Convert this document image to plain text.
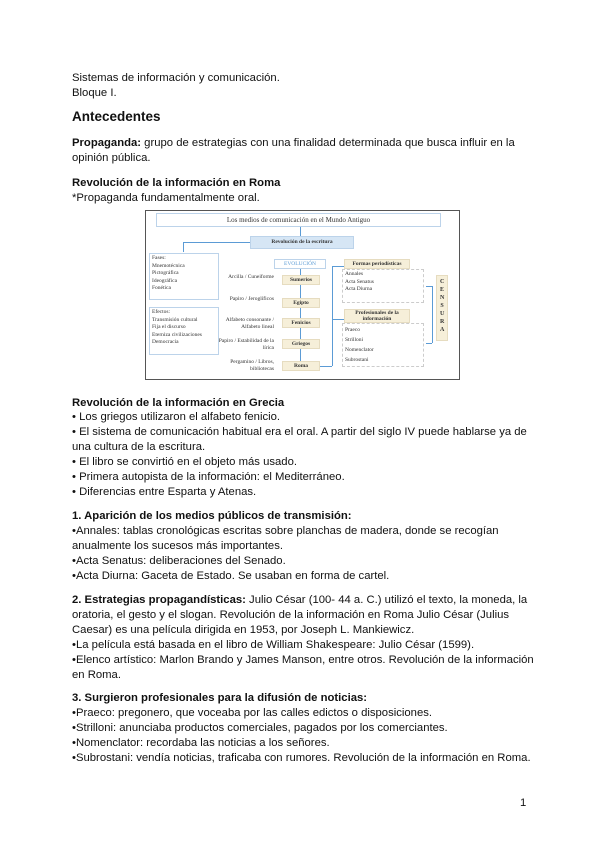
Sistemas de información y comunicación.
Bloque I.
Antecedentes
Propaganda: grupo de estrategias con una finalidad determinada que busca influir en la
opinión pública.
Revolución de la información en Roma
*Propaganda fundamentalmente oral.
Los medios de comunicación en el Mundo Antiguo
Revolución de la escritura
Fases:
Mnemotécnica
Pictográfica
Ideográfica
Fonética
Efectos:
Transmisión cultural
Fija el discurso
Eterniza civilizaciones
Democracia
EVOLUCIÓN
Sumerios
Egipto
Fenicios
Griegos
Roma
Arcilla / Cuneiforme
Papiro / Jeroglíficos
Alfabeto consonante / Alfabeto lineal
Papiro / Estabilidad de la lírica
Pergamino / Libros, bibliotecas
Formas periodísticas
Annales
Acta Senatus
Acta Diurna
Profesionales de la información
Praeco
Strilloni
Nomenclator
Subrostani
CENSURA
Revolución de la información en Grecia
• Los griegos utilizaron el alfabeto fenicio.
• El sistema de comunicación habitual era el oral. A partir del siglo IV puede hablarse ya de
una cultura de la escritura.
• El libro se convirtió en el objeto más usado.
• Primera autopista de la información: el Mediterráneo.
• Diferencias entre Esparta y Atenas.
1. Aparición de los medios públicos de transmisión:
•Annales: tablas cronológicas escritas sobre planchas de madera, donde se recogían
anualmente los sucesos más importantes.
•Acta Senatus: deliberaciones del Senado.
•Acta Diurna: Gaceta de Estado. Se usaban en forma de cartel.
2. Estrategias propagandísticas: Julio César (100- 44 a. C.) utilizó el texto, la moneda, la
oratoria, el gesto y el slogan. Revolución de la información en Roma Julio César (Julius
Caesar) es una película dirigida en 1953, por Joseph L. Mankiewicz.
•La película está basada en el libro de William Shakespeare: Julio César (1599).
•Elenco artístico: Marlon Brando y James Manson, entre otros. Revolución de la información
en Roma.
3. Surgieron profesionales para la difusión de noticias:
•Praeco: pregonero, que voceaba por las calles edictos o disposiciones.
•Strilloni: anunciaba productos comerciales, pagados por los comerciantes.
•Nomenclator: recordaba las noticias a los señores.
•Subrostani: vendía noticias, traficaba con rumores. Revolución de la información en Roma.
1
